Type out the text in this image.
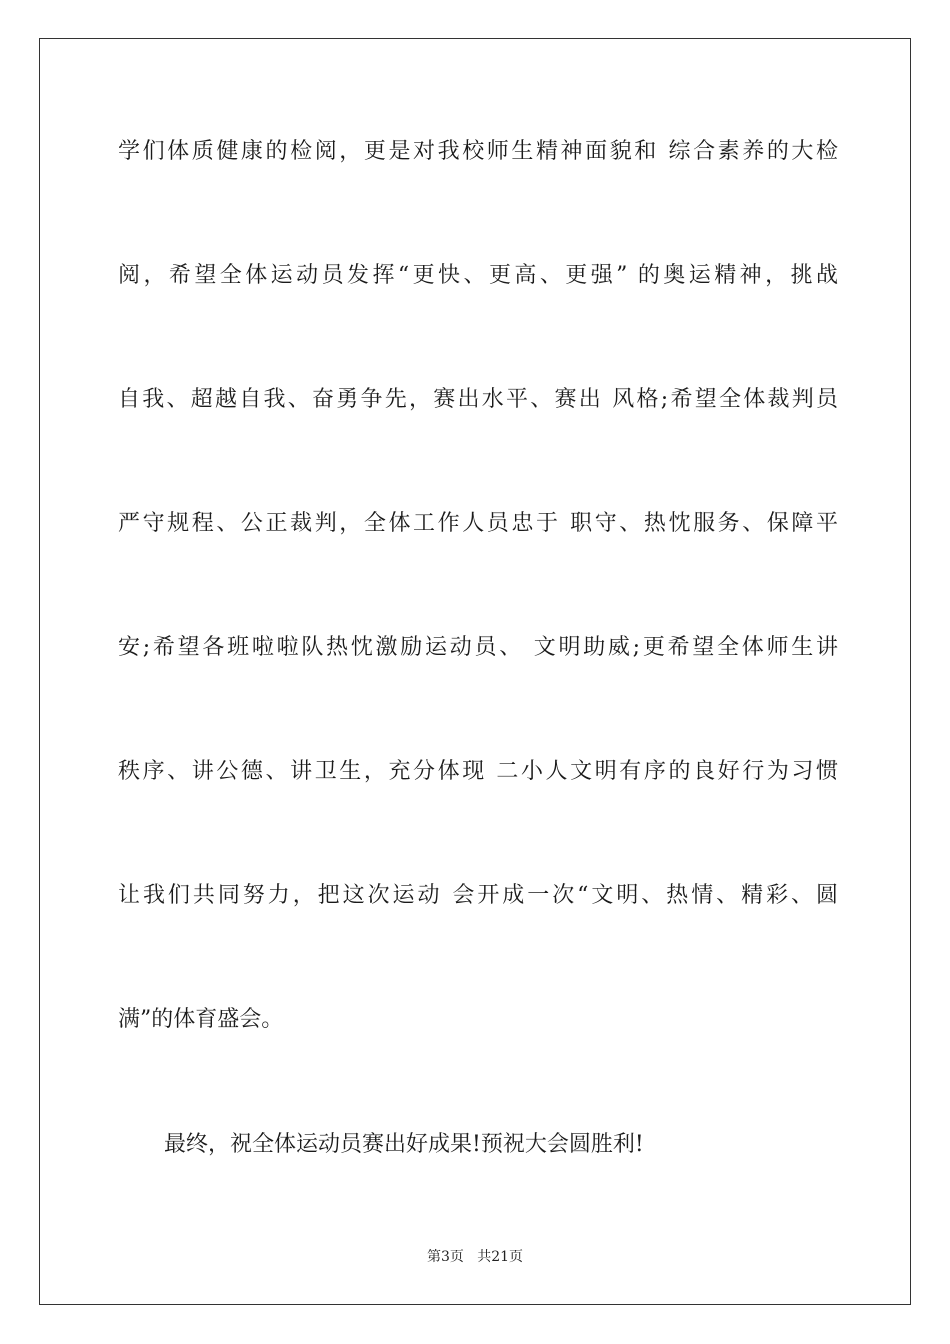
学们体质健康的检阅，更是对我校师生精神面貌和 综合素养的大检
阅，希望全体运动员发挥“更快、更高、更强” 的奥运精神，挑战
自我、超越自我、奋勇争先，赛出水平、赛出 风格;希望全体裁判员
严守规程、公正裁判，全体工作人员忠于 职守、热忱服务、保障平
安;希望各班啦啦队热忱激励运动员、 文明助威;更希望全体师生讲
秩序、讲公德、讲卫生，充分体现 二小人文明有序的良好行为习惯
让我们共同努力，把这次运动 会开成一次“文明、热情、精彩、圆
满”的体育盛会。
最终，祝全体运动员赛出好成果!预祝大会圆胜利!
第3页   共21页
